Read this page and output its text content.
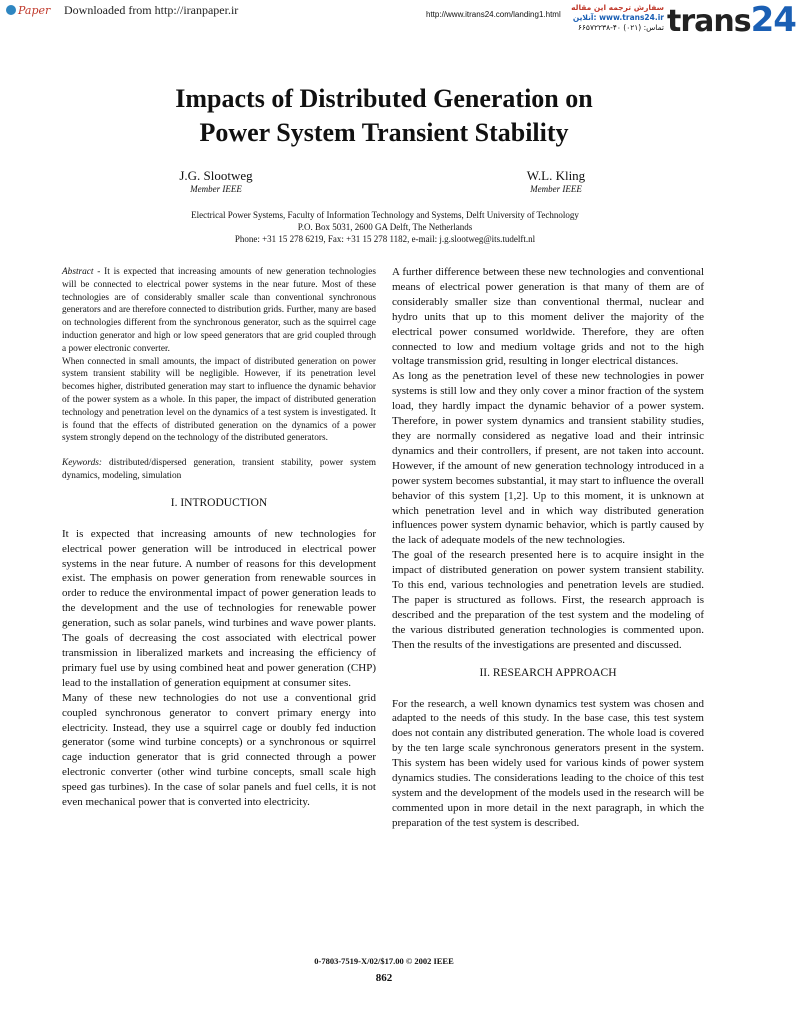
Paper Downloaded from http://iranpaper.ir	http://www.itrans24.com/landing1.html
سفارش ترجمه این مقاله
آنلاین: www.trans24.ir
تماس: (۰۲۱) ۴۰-۶۶۵۷۲۲۳۸ trans24
Impacts of Distributed Generation on
Power System Transient Stability
J.G. Slootweg
Member IEEE
W.L. Kling
Member IEEE
Electrical Power Systems, Faculty of Information Technology and Systems, Delft University of Technology
P.O. Box 5031, 2600 GA Delft, The Netherlands
Phone: +31 15 278 6219, Fax: +31 15 278 1182, e-mail: j.g.slootweg@its.tudelft.nl

Abstract - It is expected that increasing amounts of new generation technologies will be connected to electrical power systems in the near future. Most of these technologies are of considerably smaller scale than conventional synchronous generators and are therefore connected to distribution grids. Further, many are based on technologies different from the synchronous generator, such as the squirrel cage induction generator and high or low speed generators that are grid coupled through a power electronic converter.

When connected in small amounts, the impact of distributed generation on power system transient stability will be negligible. However, if its penetration level becomes higher, distributed generation may start to influence the dynamic behavior of the power system as a whole. In this paper, the impact of distributed generation technology and penetration level on the dynamics of a test system is investigated. It is found that the effects of distributed generation on the dynamics of a power system strongly depend on the technology of the distributed generators.

Keywords: distributed/dispersed generation, transient stability, power system dynamics, modeling, simulation

I. INTRODUCTION

It is expected that increasing amounts of new technologies for electrical power generation will be introduced in electrical power systems in the near future. A number of reasons for this development exist. The emphasis on power generation from renewable sources in order to reduce the environmental impact of power generation leads to the development and the use of technologies for renewable power generation, such as solar panels, wind turbines and wave power plants. The goals of decreasing the cost associated with electrical power transmission in liberalized markets and increasing the efficiency of primary fuel use by using combined heat and power generation (CHP) lead to the installation of generation equipment at consumer sites.

Many of these new technologies do not use a conventional grid coupled synchronous generator to convert primary energy into electricity. Instead, they use a squirrel cage or doubly fed induction generator (some wind turbine concepts) or a synchronous or squirrel cage induction generator that is grid connected through a power electronic converter (other wind turbine concepts, small scale high speed gas turbines). In the case of solar panels and fuel cells, it is not even mechanical power that is converted into electricity.

A further difference between these new technologies and conventional means of electrical power generation is that many of them are of considerably smaller size than conventional thermal, nuclear and hydro units that up to this moment deliver the majority of the electrical power consumed worldwide. Therefore, they are often connected to low and medium voltage grids and not to the high voltage transmission grid, resulting in longer electrical distances.

As long as the penetration level of these new technologies in power systems is still low and they only cover a minor fraction of the system load, they hardly impact the dynamic behavior of a power system. Therefore, in power system dynamics and transient stability studies, they are normally considered as negative load and their intrinsic dynamics and their controllers, if present, are not taken into account. However, if the amount of new generation technology introduced in a power system becomes substantial, it may start to influence the overall behavior of this system [1,2]. Up to this moment, it is unknown at which penetration level and in which way distributed generation influences power system dynamic behavior, which is partly caused by the lack of adequate models of the new technologies.

The goal of the research presented here is to acquire insight in the impact of distributed generation on power system transient stability. To this end, various technologies and penetration levels are studied. The paper is structured as follows. First, the research approach is described and the preparation of the test system and the modeling of the various distributed generation technologies is commented upon. Then the results of the investigations are presented and discussed.

II. RESEARCH APPROACH

For the research, a well known dynamics test system was chosen and adapted to the needs of this study. In the base case, this test system does not contain any distributed generation. The whole load is covered by the ten large scale synchronous generators present in the system. This system has been widely used for various kinds of power system dynamics studies. The considerations leading to the choice of this test system and the development of the models used in the research will be commented upon in more detail in the next paragraph, in which the preparation of the test system is described.

0-7803-7519-X/02/$17.00 © 2002 IEEE
862
